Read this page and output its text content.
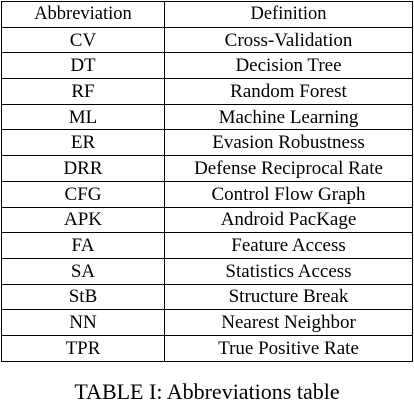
Abbreviation	Definition
CV	Cross-Validation
DT	Decision Tree
RF	Random Forest
ML	Machine Learning
ER	Evasion Robustness
DRR	Defense Reciprocal Rate
CFG	Control Flow Graph
APK	Android PacKage
FA	Feature Access
SA	Statistics Access
StB	Structure Break
NN	Nearest Neighbor
TPR	True Positive Rate
TABLE I: Abbreviations table
